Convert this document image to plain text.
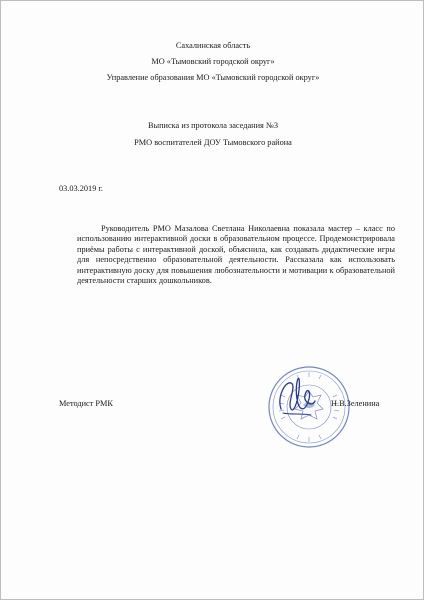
Сахалинская область
МО «Тымовский городской округ»
Управление образования МО «Тымовский городской округ»
Выписка из протокола заседания №3
РМО воспитателей ДОУ Тымовского района
03.03.2019 г.

Руководитель РМО Мазалова Светлана Николаевна показала мастер – класс по использованию интерактивной доски в образовательном процессе. Продемонстрировала приёмы работы с интерактивной доской, объяснила, как создавать дидактические игры для непосредственно образовательной деятельности. Рассказала как использовать интерактивную доску для повышения любознательности и мотивации к образовательной деятельности старших дошкольников.

Методист РМК	Н.В.Зеленина
